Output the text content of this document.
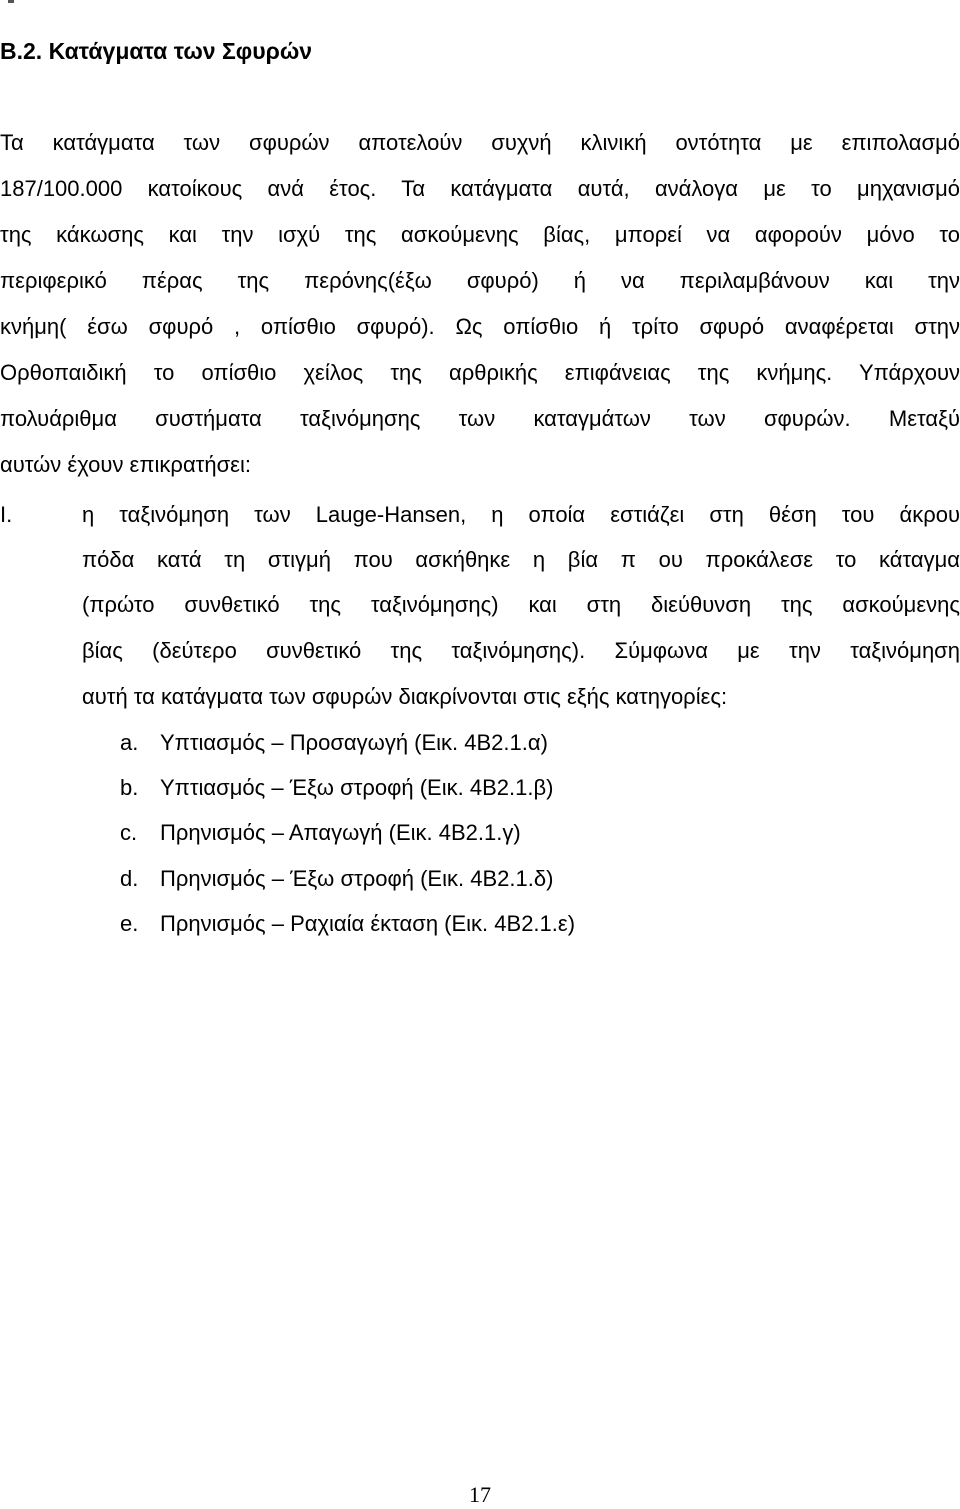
Β.2. Κατάγματα των Σφυρών
Τα κατάγματα των σφυρών αποτελούν συχνή κλινική οντότητα με επιπολασμό
187/100.000 κατοίκους ανά έτος. Τα κατάγματα αυτά, ανάλογα με το μηχανισμό
της κάκωσης και την ισχύ της ασκούμενης βίας, μπορεί να αφορούν μόνο το
περιφερικό πέρας της περόνης(έξω σφυρό) ή να περιλαμβάνουν και την
κνήμη( έσω σφυρό , οπίσθιο σφυρό). Ως οπίσθιο ή τρίτο σφυρό αναφέρεται στην
Ορθοπαιδική το οπίσθιο χείλος της αρθρικής επιφάνειας της κνήμης. Υπάρχουν
πολυάριθμα συστήματα ταξινόμησης των καταγμάτων των σφυρών. Μεταξύ
αυτών έχουν επικρατήσει:
Ι.	η ταξινόμηση των Lauge-Hansen, η οποία εστιάζει στη θέση του άκρου
πόδα κατά τη στιγμή που ασκήθηκε η βία π ου προκάλεσε το κάταγμα
(πρώτο συνθετικό της ταξινόμησης) και στη διεύθυνση της ασκούμενης
βίας (δεύτερο συνθετικό της ταξινόμησης). Σύμφωνα με την ταξινόμηση
αυτή τα κατάγματα των σφυρών διακρίνονται στις εξής κατηγορίες:
a. Υπτιασμός – Προσαγωγή (Εικ. 4Β2.1.α)
b. Υπτιασμός – Έξω στροφή (Εικ. 4Β2.1.β)
c. Πρηνισμός – Απαγωγή (Εικ. 4Β2.1.γ)
d. Πρηνισμός – Έξω στροφή (Εικ. 4Β2.1.δ)
e. Πρηνισμός – Ραχιαία έκταση (Εικ. 4Β2.1.ε)
17
